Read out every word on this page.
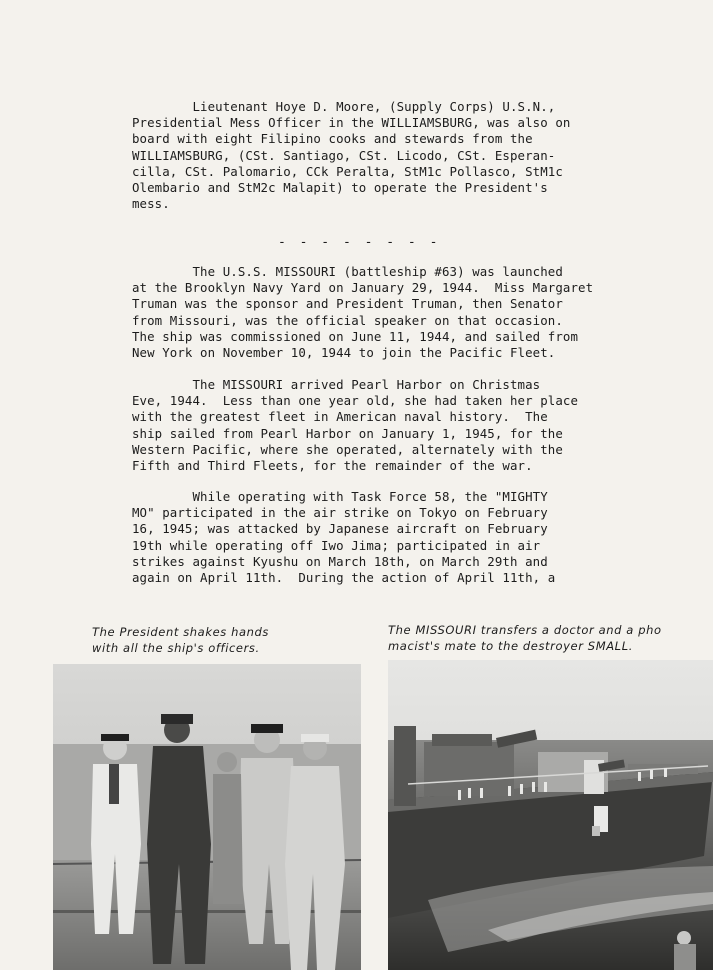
Lieutenant Hoye D. Moore, (Supply Corps) U.S.N.,
Presidential Mess Officer in the WILLIAMSBURG, was also on
board with eight Filipino cooks and stewards from the
WILLIAMSBURG, (CSt. Santiago, CSt. Licodo, CSt. Esperan-
cilla, CSt. Palomario, CCk Peralta, StM1c Pollasco, StM1c
Olembario and StM2c Malapit) to operate the President's
mess.
- - - - - - - -
The U.S.S. MISSOURI (battleship #63) was launched
at the Brooklyn Navy Yard on January 29, 1944.  Miss Margaret
Truman was the sponsor and President Truman, then Senator
from Missouri, was the official speaker on that occasion.
The ship was commissioned on June 11, 1944, and sailed from
New York on November 10, 1944 to join the Pacific Fleet.
The MISSOURI arrived Pearl Harbor on Christmas
Eve, 1944.  Less than one year old, she had taken her place
with the greatest fleet in American naval history.  The
ship sailed from Pearl Harbor on January 1, 1945, for the
Western Pacific, where she operated, alternately with the
Fifth and Third Fleets, for the remainder of the war.
While operating with Task Force 58, the "MIGHTY
MO" participated in the air strike on Tokyo on February
16, 1945; was attacked by Japanese aircraft on February
19th while operating off Iwo Jima; participated in air
strikes against Kyushu on March 18th, on March 29th and
again on April 11th.  During the action of April 11th, a
The President shakes hands
with all the ship's officers.
The MISSOURI transfers a doctor and a pho
macist's mate to the destroyer SMALL.
